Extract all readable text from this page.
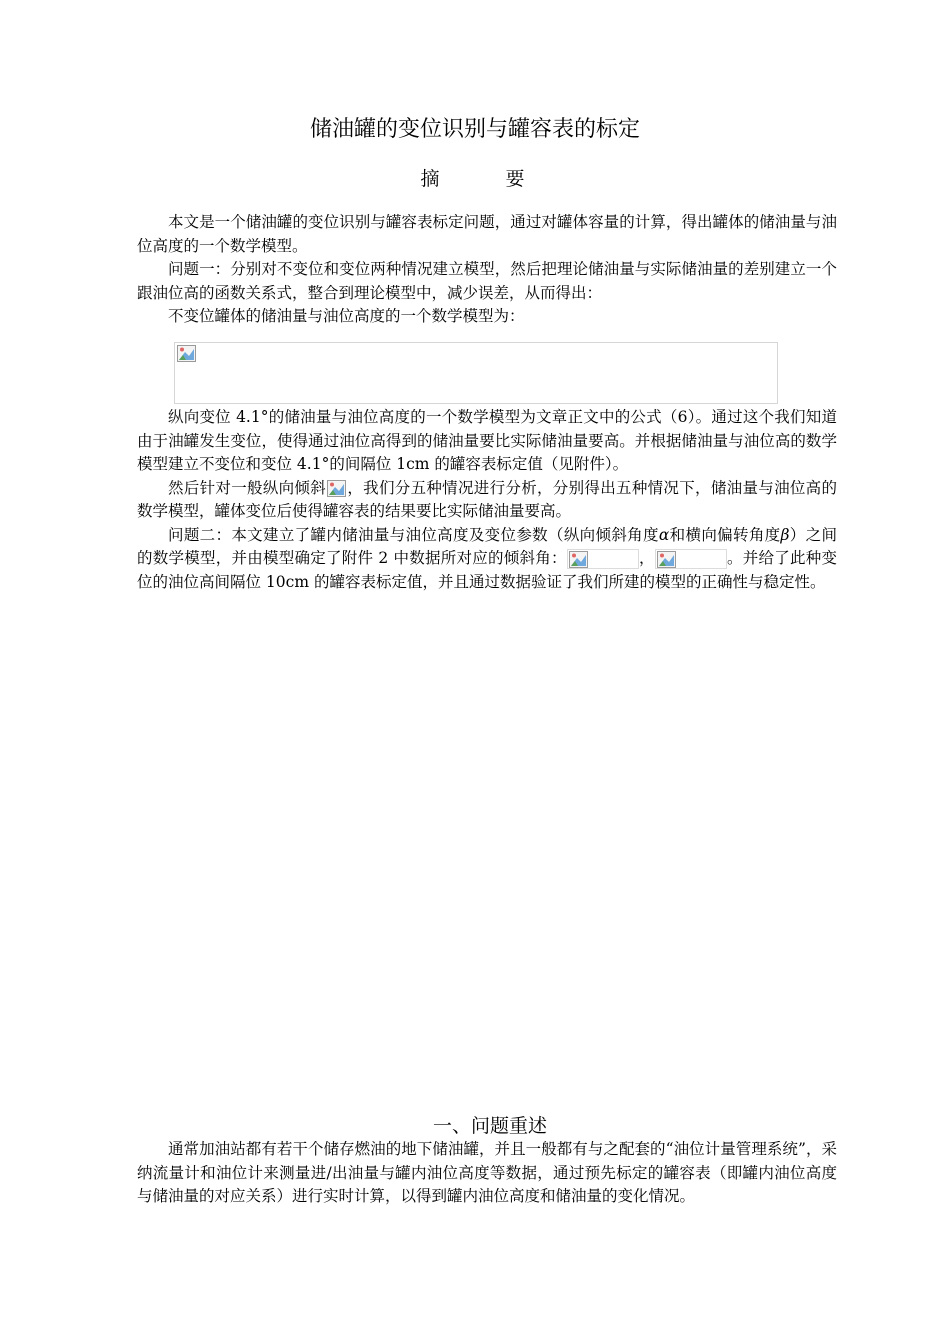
储油罐的变位识别与罐容表的标定
摘 要

本文是一个储油罐的变位识别与罐容表标定问题，通过对罐体容量的计算，得出罐体的储油量与油位高度的一个数学模型。

问题一：分别对不变位和变位两种情况建立模型，然后把理论储油量与实际储油量的差别建立一个跟油位高的函数关系式，整合到理论模型中，减少误差，从而得出：

不变位罐体的储油量与油位高度的一个数学模型为：

纵向变位 4.1°的储油量与油位高度的一个数学模型为文章正文中的公式（6）。通过这个我们知道由于油罐发生变位，使得通过油位高得到的储油量要比实际储油量要高。并根据储油量与油位高的数学模型建立不变位和变位 4.1°的间隔位 1cm 的罐容表标定值（见附件）。

然后针对一般纵向倾斜 ，我们分五种情况进行分析，分别得出五种情况下，储油量与油位高的数学模型，罐体变位后使得罐容表的结果要比实际储油量要高。

问题二：本文建立了罐内储油量与油位高度及变位参数（纵向倾斜角度α和横向偏转角度β）之间的数学模型，并由模型确定了附件 2 中数据所对应的倾斜角：	，	。并给了此种变位的油位高间隔位 10cm 的罐容表标定值，并且通过数据验证了我们所建的模型的正确性与稳定性。

一、问题重述

通常加油站都有若干个储存燃油的地下储油罐，并且一般都有与之配套的“油位计量管理系统”，采纳流量计和油位计来测量进/出油量与罐内油位高度等数据，通过预先标定的罐容表（即罐内油位高度与储油量的对应关系）进行实时计算，以得到罐内油位高度和储油量的变化情况。
